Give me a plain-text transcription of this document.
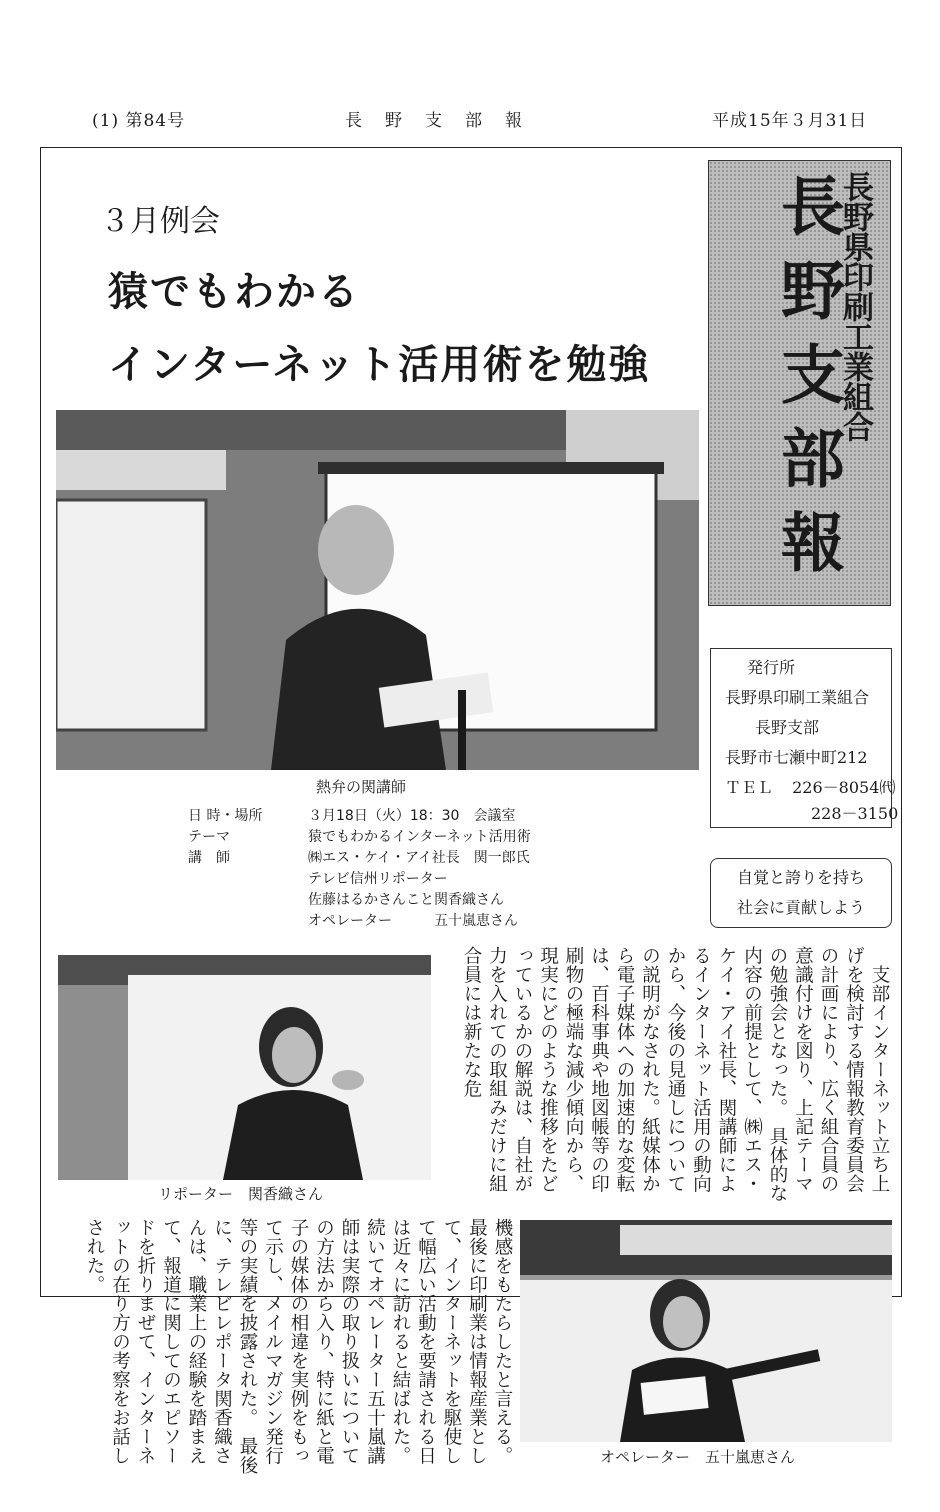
(1) 第84号	長　野　支　部　報	平成15年３月31日
３月例会
猿でもわかる
インターネット活用術を勉強
熱弁の関講師
日 時・場所	３月18日（火）18：30　会議室
テーマ	猿でもわかるインターネット活用術
講　師	㈱エス・ケイ・アイ社長　関一郎氏
テレビ信州リポーター
佐藤はるかさんこと関香織さん
オペレーター　　　五十嵐恵さん
長野県印刷工業組合
長野支部報
発行所
長野県印刷工業組合
長野支部
長野市七瀬中町212
ＴＥＬ 226－8054㈹
228－3150
自覚と誇りを持ち
社会に貢献しよう
リポーター　関香織さん
オペレーター　五十嵐恵さん

　支部インターネット立ち上げを検討する情報教育委員会の計画により、広く組合員の意識付けを図り、上記テーマの勉強会となった。　具体的な内容の前提として、㈱エス・ケイ・アイ社長、関講師によるインターネット活用の動向から、今後の見通しについての説明がなされた。紙媒体から電子媒体への加速的な変転は、百科事典や地図帳等の印刷物の極端な減少傾向から、現実にどのような推移をたどっているかの解説は、自社が力を入れての取組みだけに組合員には新たな危

機感をもたらしたと言える。　最後に印刷業は情報産業として、インターネットを駆使して幅広い活動を要請される日は近々に訪れると結ばれた。　続いてオペレーター五十嵐講師は実際の取り扱いについての方法から入り、特に紙と電子の媒体の相違を実例をもって示し、メイルマガジン発行等の実績を披露された。　最後に、テレビレポータ関香織さんは、職業上の経験を踏まえて、報道に関してのエピソードを折りまぜて、インターネットの在り方の考察をお話しされた。
